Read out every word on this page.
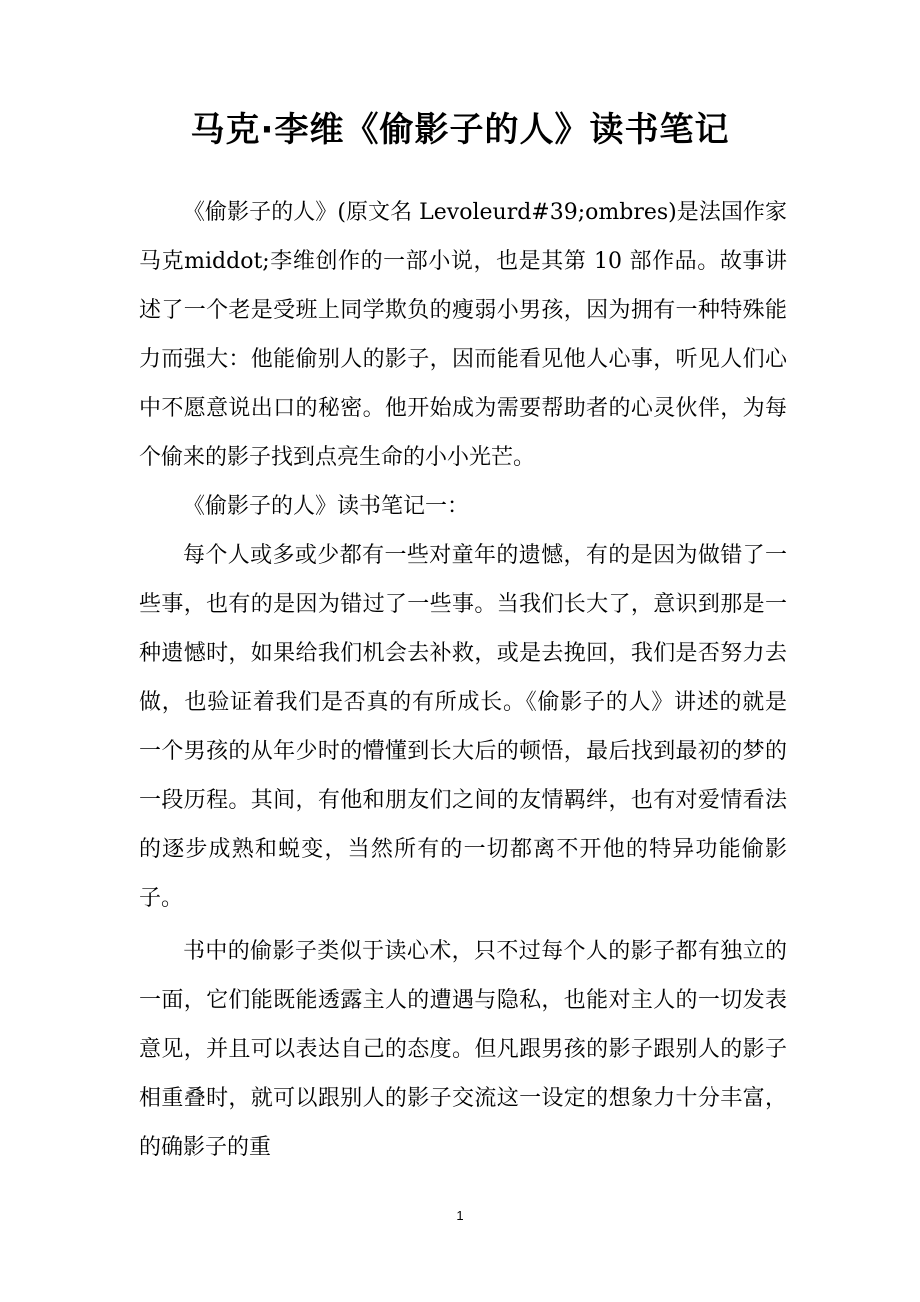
马克·李维《偷影子的人》读书笔记

《偷影子的人》(原文名 Levoleurd#39;ombres)是法国作家马克middot;李维创作的一部小说，也是其第 10 部作品。故事讲述了一个老是受班上同学欺负的瘦弱小男孩，因为拥有一种特殊能力而强大：他能偷别人的影子，因而能看见他人心事，听见人们心中不愿意说出口的秘密。他开始成为需要帮助者的心灵伙伴，为每个偷来的影子找到点亮生命的小小光芒。

《偷影子的人》读书笔记一：

每个人或多或少都有一些对童年的遗憾，有的是因为做错了一些事，也有的是因为错过了一些事。当我们长大了，意识到那是一种遗憾时，如果给我们机会去补救，或是去挽回，我们是否努力去做，也验证着我们是否真的有所成长。《偷影子的人》讲述的就是一个男孩的从年少时的懵懂到长大后的顿悟，最后找到最初的梦的一段历程。其间，有他和朋友们之间的友情羁绊，也有对爱情看法的逐步成熟和蜕变，当然所有的一切都离不开他的特异功能偷影子。

书中的偷影子类似于读心术，只不过每个人的影子都有独立的一面，它们能既能透露主人的遭遇与隐私，也能对主人的一切发表意见，并且可以表达自己的态度。但凡跟男孩的影子跟别人的影子相重叠时，就可以跟别人的影子交流这一设定的想象力十分丰富，的确影子的重

1
